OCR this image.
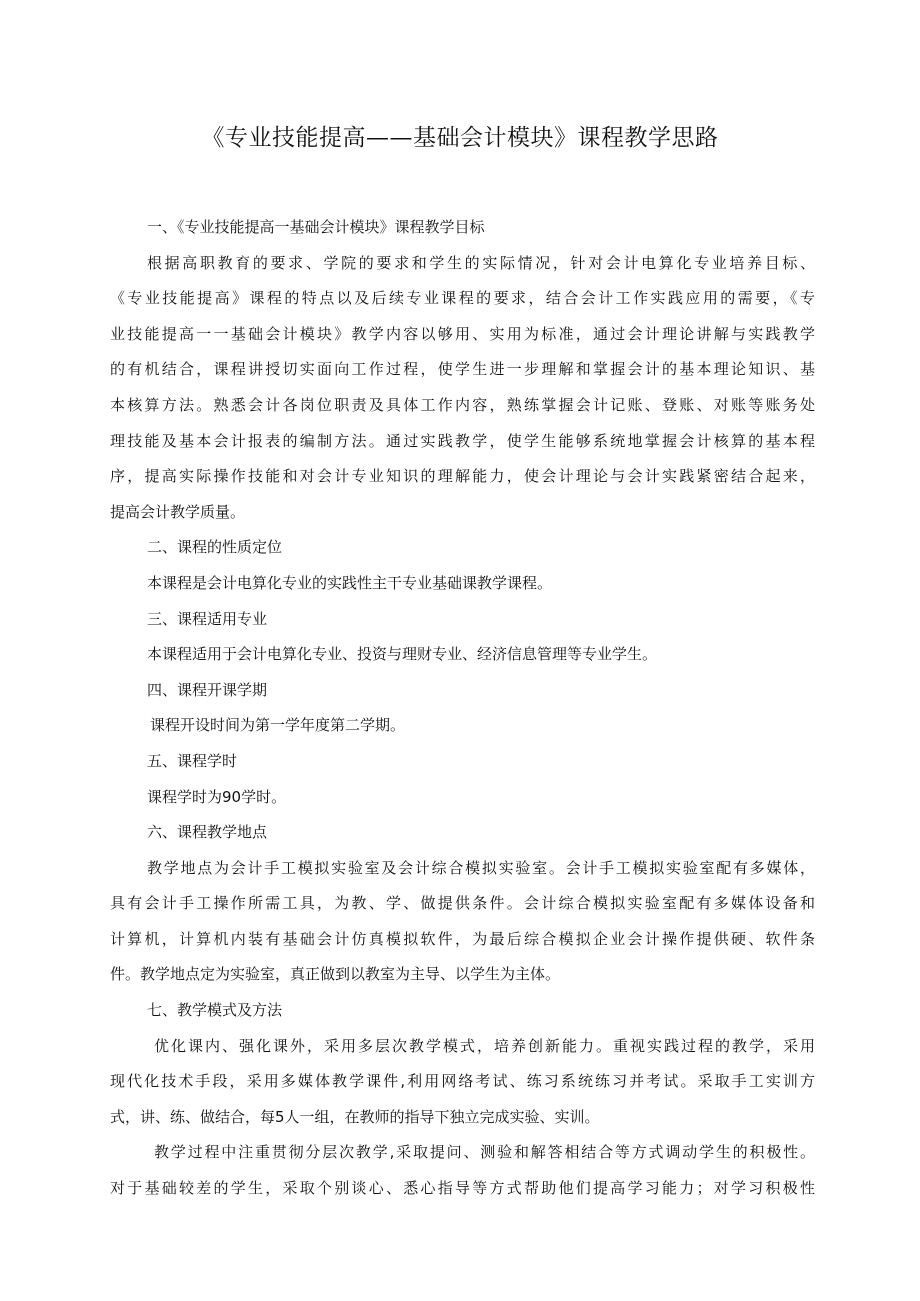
《专业技能提高——基础会计模块》课程教学思路
一、《专业技能提高一基础会计模块》课程教学目标
根据高职教育的要求、学院的要求和学生的实际情况，针对会计电算化专业培养目标、
《专业技能提高》课程的特点以及后续专业课程的要求，结合会计工作实践应用的需要，《专
业技能提高一一基础会计模块》教学内容以够用、实用为标准，通过会计理论讲解与实践教学
的有机结合，课程讲授切实面向工作过程，使学生进一步理解和掌握会计的基本理论知识、基
本核算方法。熟悉会计各岗位职责及具体工作内容，熟练掌握会计记账、登账、对账等账务处
理技能及基本会计报表的编制方法。通过实践教学，使学生能够系统地掌握会计核算的基本程
序，提高实际操作技能和对会计专业知识的理解能力，使会计理论与会计实践紧密结合起来，
提高会计教学质量。
二、课程的性质定位
本课程是会计电算化专业的实践性主干专业基础课教学课程。
三、课程适用专业
本课程适用于会计电算化专业、投资与理财专业、经济信息管理等专业学生。
四、课程开课学期
课程开设时间为第一学年度第二学期。
五、课程学时
课程学时为90学时。
六、课程教学地点
教学地点为会计手工模拟实验室及会计综合模拟实验室。会计手工模拟实验室配有多媒体，
具有会计手工操作所需工具，为教、学、做提供条件。会计综合模拟实验室配有多媒体设备和
计算机，计算机内装有基础会计仿真模拟软件，为最后综合模拟企业会计操作提供硬、软件条
件。教学地点定为实验室，真正做到以教室为主导、以学生为主体。
七、教学模式及方法
优化课内、强化课外，采用多层次教学模式，培养创新能力。重视实践过程的教学，采用
现代化技术手段，采用多媒体教学课件,利用网络考试、练习系统练习并考试。采取手工实训方
式，讲、练、做结合，每5人一组，在教师的指导下独立完成实验、实训。
教学过程中注重贯彻分层次教学,采取提问、测验和解答相结合等方式调动学生的积极性。
对于基础较差的学生，采取个别谈心、悉心指导等方式帮助他们提高学习能力；对学习积极性
